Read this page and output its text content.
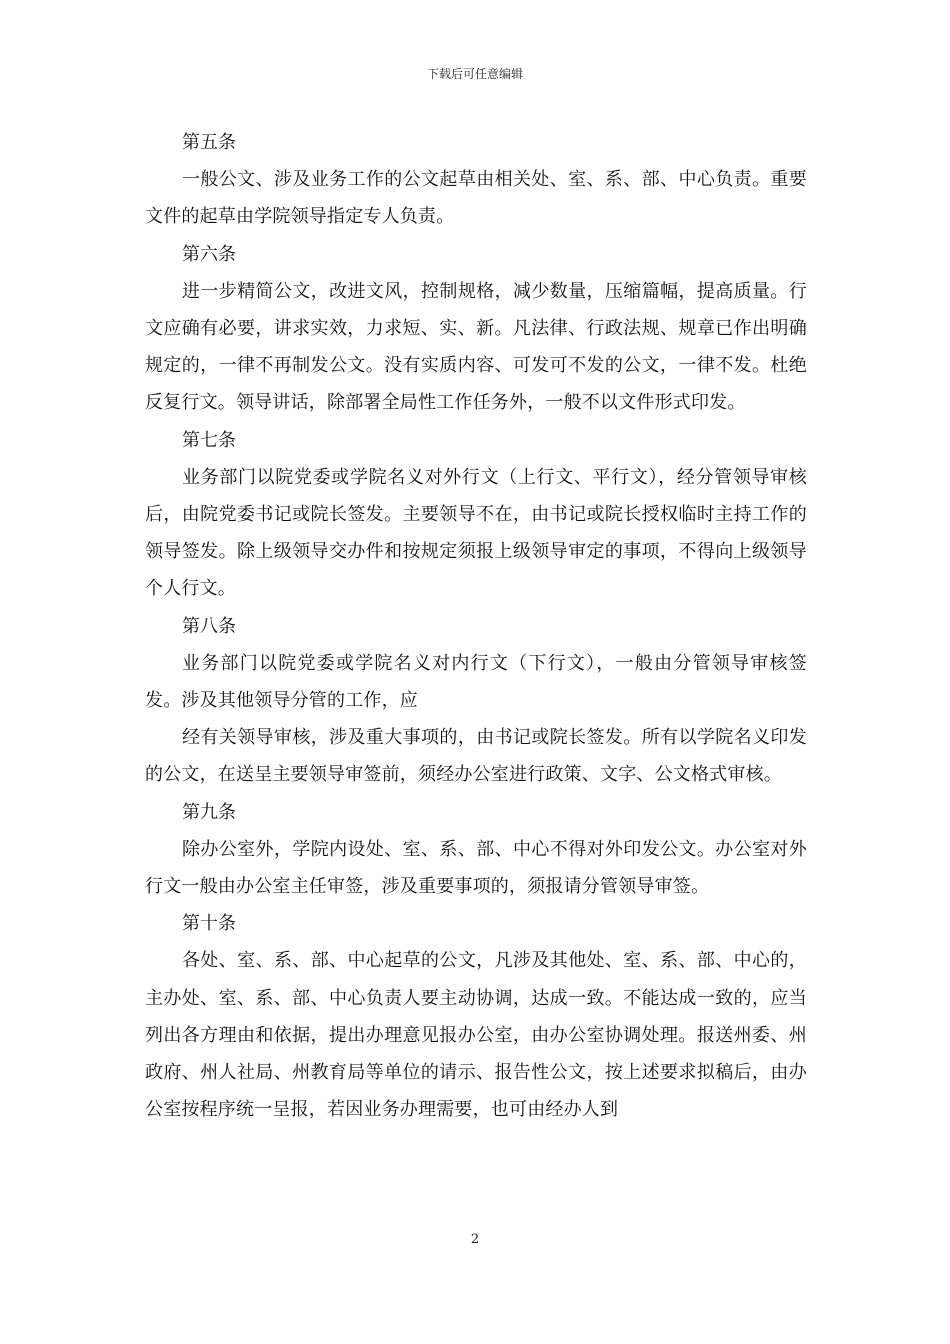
下载后可任意编辑

第五条

一般公文、涉及业务工作的公文起草由相关处、室、系、部、中心负责。重要文件的起草由学院领导指定专人负责。

第六条

进一步精简公文，改进文风，控制规格，减少数量，压缩篇幅，提高质量。行文应确有必要，讲求实效，力求短、实、新。凡法律、行政法规、规章已作出明确规定的，一律不再制发公文。没有实质内容、可发可不发的公文，一律不发。杜绝反复行文。领导讲话，除部署全局性工作任务外，一般不以文件形式印发。

第七条

业务部门以院党委或学院名义对外行文（上行文、平行文），经分管领导审核后，由院党委书记或院长签发。主要领导不在，由书记或院长授权临时主持工作的领导签发。除上级领导交办件和按规定须报上级领导审定的事项，不得向上级领导个人行文。

第八条

业务部门以院党委或学院名义对内行文（下行文），一般由分管领导审核签发。涉及其他领导分管的工作，应

经有关领导审核，涉及重大事项的，由书记或院长签发。所有以学院名义印发的公文，在送呈主要领导审签前，须经办公室进行政策、文字、公文格式审核。

第九条

除办公室外，学院内设处、室、系、部、中心不得对外印发公文。办公室对外行文一般由办公室主任审签，涉及重要事项的，须报请分管领导审签。

第十条

各处、室、系、部、中心起草的公文，凡涉及其他处、室、系、部、中心的，主办处、室、系、部、中心负责人要主动协调，达成一致。不能达成一致的，应当列出各方理由和依据，提出办理意见报办公室，由办公室协调处理。报送州委、州政府、州人社局、州教育局等单位的请示、报告性公文，按上述要求拟稿后，由办公室按程序统一呈报，若因业务办理需要，也可由经办人到

2
